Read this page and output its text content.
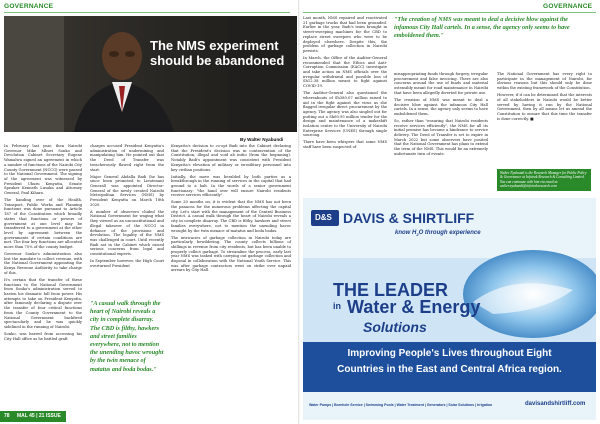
GOVERNANCE
The NMS experiment
should be abandoned
By Walter Nyabundi

In February last year, then Nairobi Governor Mike Mbuvi Sonko and Devolution Cabinet Secretary Eugene Wamalwa signed an agreement in which a number of functions of the Nairobi City County Government (NCCG) were passed to the National Government. The signing of the agreement was witnessed by President Uhuru Kenyatta, Senate Speaker Kenneth Lusaka and Attorney General, Paul Kihara.

The handing over of the Health, Transport, Public Works and Planning functions was done pursuant to Article 187 of the Constitution which broadly states that functions or powers of government at one level may be transferred to a government at the other level by agreement between the governments if certain conditions are met. The four key functions are allocated more than 75% of the county budget.

Governor Sonko's administration also lost the mandate to collect revenue, with the National Government appointing the Kenya Revenue Authority to take charge of this.

It's certain that the transfer of these functions to the National Government from Sonko's administration served to hasten his dramatic fall from power. His attempts to take on President Kenyatta, after famously declaring a dispute over the transfer of four critical functions from the County Government to the National Government backfired spectacularly and he was quickly sidelined in the running of Nairobi.

Sonko, was barred from accessing his City Hall office as he battled graft

charges accused President Kenyatta's administration of undermining and manipulating him. He pointed out that the Deed of Transfer was treacherously flawed right from the start.

Major General Abdalla Badi (he has since been promoted to Lieutenant General) was appointed Director-General of the newly created Nairobi Metropolitan Services (NMS) by President Kenyatta on March 18th 2020.

A number of observers chided the National Government for waging what they viewed as an unconstitutional and illegal takeover of the NCCG in defiance of the provisions and devolution. The legality of the NMS was challenged in court. Until recently Badi sat in the Cabinet which raised serious concerns from legal and constitutional experts.

In September however, the High Court overturned President

"A casual walk through the heart of Nairobi reveals a city in complete disarray. The CBD is filthy, hawkers and street families everywhere, not to mention the unending havoc wrought by the twin menace of matatus and boda bodas."

Kenyatta's decision to co-opt Badi into the Cabinet declaring that the President's decision was in contravention of the Constitution, illegal and void ab initio (from the beginning). Notably Badi's appointment was consistent with President Kenyatta's elevation of military or ex-military personnel into key civilian positions.

Initially, the move was heralded by both parties as a breakthrough in the running of services in the capital that had ground to a halt. In the words of a senior government functionary: "the hand over will ensure Nairobi residents receive services efficiently".

Some 20 months on, it is evident that the NMS has not been the panacea for the numerous problems affecting the capital city. Let's start with the management of the Central Business District. A casual walk through the heart of Nairobi reveals a city in complete disarray. The CBD is filthy, hawkers and street families everywhere, not to mention the unending havoc wrought by the twin menace of matatus and boda bodas.

The intricacies of garbage collection in Nairobi today are particularly bewildering. The county collects billions of shillings in revenue from city residents, but has been unable to properly collect garbage. To streamline the process, early last year NMS was tasked with carrying out garbage collection and disposal in collaboration with the National Youth Service. This was after garbage contractors went on strike over unpaid arrears by City Hall.

78 MAL 45 | 21 ISSUE
GOVERNANCE

Last month, NMS repaired and reactivated 21 garbage trucks that had been grounded. Earlier in the year, Badi's team brought in street-sweeping machines for the CBD to replace street sweepers who were to be deployed elsewhere. Despite this, the problem of garbage collection in Nairobi persists.

In March, the Office of the Auditor-General recommended that the Ethics and Anti-Corruption Commission (EACC) investigate and take action on NMS officials over the irregular withdrawal and possible loss of Sh12.38 million meant to fight against COVID-19.

The Auditor-General also questioned the whereabouts of Sh380.07 million raised to aid in the fight against the virus as she flagged irregular direct procurement by the agency. The agency was also singled out for putting out a Sh60.95 million tender for the design and maintenance of a makeshift isolation centre to the University of Nairobi Enterprise Services (UNES) through single sourcing.

There have been whispers that some NMS staff have been suspected of

"The creation of NMS was meant to deal a decisive blow against the infamous City Hall cartels. In a sense, the agency only seems to have emboldened them."

misappropriating funds through forgery, irregular procurement and false invoicing. There are also concerns around the use of funds and material ostensibly meant for road maintenance in Nairobi that have been allegedly diverted for private use.

The creation of NMS was meant to deal a decisive blow against the infamous City Hall cartels. In a sense, the agency only seems to have emboldened them.

So, rather than "ensuring that Nairobi residents receive services efficiently", the NMS for all its initial promise has become a hindrance to service delivery. The Deed of Transfer is set to expire in March 2022 but some observers have posited that the National Government has plans to extend the term of the NMS. This would be an extremely unfortunate turn of events.

The National Government has every right to participate in the management of Nairobi, for obvious reasons but this should only be done within the existing framework of the Constitution.

However, if it can be determined that the interests of all stakeholders in Nairobi would be better served by having it run by the National Government, then by all means let us amend the Constitution to ensure that this time the transfer is done correctly. ■

Walter Nyabundi is the Research Manager for Public Policy & Governance at Infotrak Research & Consulting Limited. You can commune with him via email at: walter.nyabundi@infotrakresearch.com
D&S DAVIS & SHIRTLIFF
know $H_2O$ through experience
THE LEADER
in Water & Energy
Solutions
Improving People's Lives throughout Eight
Countries in the East and Central Africa region.
Water Pumps | Borehole Service | Swimming Pools | Water Treatment | Generators | Solar Solutions | Irrigation	davisandshirtliff.com
